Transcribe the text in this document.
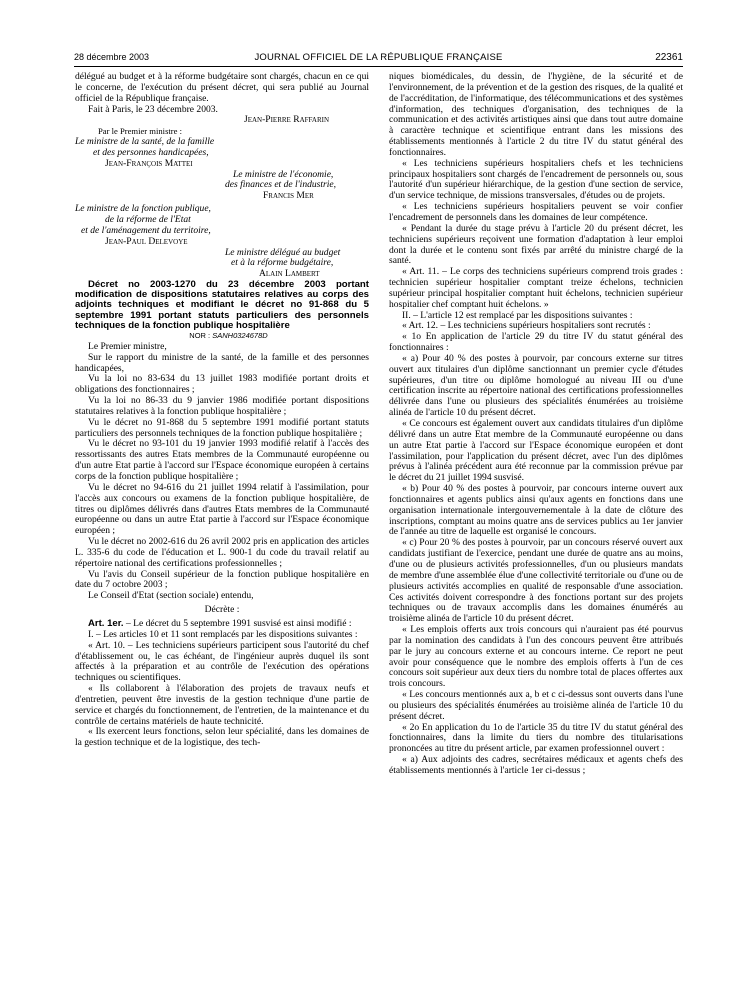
28 décembre 2003	JOURNAL OFFICIEL DE LA RÉPUBLIQUE FRANÇAISE	22361

délégué au budget et à la réforme budgétaire sont chargés, chacun en ce qui le concerne, de l'exécution du présent décret, qui sera publié au Journal officiel de la République française.

Fait à Paris, le 23 décembre 2003.

Jean-Pierre Raffarin

Par le Premier ministre :

Le ministre de la santé, de la famille

et des personnes handicapées,

Jean-François Mattei

Le ministre de l'économie,

des finances et de l'industrie,

Francis Mer

Le ministre de la fonction publique,

de la réforme de l'Etat

et de l'aménagement du territoire,

Jean-Paul Delevoye

Le ministre délégué au budget

et à la réforme budgétaire,

Alain Lambert

Décret no 2003-1270 du 23 décembre 2003 portant modification de dispositions statutaires relatives au corps des adjoints techniques et modifiant le décret no 91-868 du 5 septembre 1991 portant statuts particuliers des personnels techniques de la fonction publique hospitalière

NOR : SANH0324678D

Le Premier ministre,

Sur le rapport du ministre de la santé, de la famille et des personnes handicapées,

Vu la loi no 83-634 du 13 juillet 1983 modifiée portant droits et obligations des fonctionnaires ;

Vu la loi no 86-33 du 9 janvier 1986 modifiée portant dispositions statutaires relatives à la fonction publique hospitalière ;

Vu le décret no 91-868 du 5 septembre 1991 modifié portant statuts particuliers des personnels techniques de la fonction publique hospitalière ;

Vu le décret no 93-101 du 19 janvier 1993 modifié relatif à l'accès des ressortissants des autres Etats membres de la Communauté européenne ou d'un autre Etat partie à l'accord sur l'Espace économique européen à certains corps de la fonction publique hospitalière ;

Vu le décret no 94-616 du 21 juillet 1994 relatif à l'assimilation, pour l'accès aux concours ou examens de la fonction publique hospitalière, de titres ou diplômes délivrés dans d'autres Etats membres de la Communauté européenne ou dans un autre Etat partie à l'accord sur l'Espace économique européen ;

Vu le décret no 2002-616 du 26 avril 2002 pris en application des articles L. 335-6 du code de l'éducation et L. 900-1 du code du travail relatif au répertoire national des certifications professionnelles ;

Vu l'avis du Conseil supérieur de la fonction publique hospitalière en date du 7 octobre 2003 ;

Le Conseil d'Etat (section sociale) entendu,

Décrète :

Art. 1er. – Le décret du 5 septembre 1991 susvisé est ainsi modifié :

I. – Les articles 10 et 11 sont remplacés par les dispositions suivantes :

« Art. 10. – Les techniciens supérieurs participent sous l'autorité du chef d'établissement ou, le cas échéant, de l'ingénieur auprès duquel ils sont affectés à la préparation et au contrôle de l'exécution des opérations techniques ou scientifiques.

« Ils collaborent à l'élaboration des projets de travaux neufs et d'entretien, peuvent être investis de la gestion technique d'une partie de service et chargés du fonctionnement, de l'entretien, de la maintenance et du contrôle de certains matériels de haute technicité.

« Ils exercent leurs fonctions, selon leur spécialité, dans les domaines de la gestion technique et de la logistique, des tech-

niques biomédicales, du dessin, de l'hygiène, de la sécurité et de l'environnement, de la prévention et de la gestion des risques, de la qualité et de l'accréditation, de l'informatique, des télécommunications et des systèmes d'information, des techniques d'organisation, des techniques de la communication et des activités artistiques ainsi que dans tout autre domaine à caractère technique et scientifique entrant dans les missions des établissements mentionnés à l'article 2 du titre IV du statut général des fonctionnaires.

« Les techniciens supérieurs hospitaliers chefs et les techniciens principaux hospitaliers sont chargés de l'encadrement de personnels ou, sous l'autorité d'un supérieur hiérarchique, de la gestion d'une section de service, d'un service technique, de missions transversales, d'études ou de projets.

« Les techniciens supérieurs hospitaliers peuvent se voir confier l'encadrement de personnels dans les domaines de leur compétence.

« Pendant la durée du stage prévu à l'article 20 du présent décret, les techniciens supérieurs reçoivent une formation d'adaptation à leur emploi dont la durée et le contenu sont fixés par arrêté du ministre chargé de la santé.

« Art. 11. – Le corps des techniciens supérieurs comprend trois grades : technicien supérieur hospitalier comptant treize échelons, technicien supérieur principal hospitalier comptant huit échelons, technicien supérieur hospitalier chef comptant huit échelons. »

II. – L'article 12 est remplacé par les dispositions suivantes :

« Art. 12. – Les techniciens supérieurs hospitaliers sont recrutés :

« 1o En application de l'article 29 du titre IV du statut général des fonctionnaires :

« a) Pour 40 % des postes à pourvoir, par concours externe sur titres ouvert aux titulaires d'un diplôme sanctionnant un premier cycle d'études supérieures, d'un titre ou diplôme homologué au niveau III ou d'une certification inscrite au répertoire national des certifications professionnelles délivrée dans l'une ou plusieurs des spécialités énumérées au troisième alinéa de l'article 10 du présent décret.

« Ce concours est également ouvert aux candidats titulaires d'un diplôme délivré dans un autre Etat membre de la Communauté européenne ou dans un autre Etat partie à l'accord sur l'Espace économique européen et dont l'assimilation, pour l'application du présent décret, avec l'un des diplômes prévus à l'alinéa précédent aura été reconnue par la commission prévue par le décret du 21 juillet 1994 susvisé.

« b) Pour 40 % des postes à pourvoir, par concours interne ouvert aux fonctionnaires et agents publics ainsi qu'aux agents en fonctions dans une organisation internationale intergouvernementale à la date de clôture des inscriptions, comptant au moins quatre ans de services publics au 1er janvier de l'année au titre de laquelle est organisé le concours.

« c) Pour 20 % des postes à pourvoir, par un concours réservé ouvert aux candidats justifiant de l'exercice, pendant une durée de quatre ans au moins, d'une ou de plusieurs activités professionnelles, d'un ou plusieurs mandats de membre d'une assemblée élue d'une collectivité territoriale ou d'une ou de plusieurs activités accomplies en qualité de responsable d'une association. Ces activités doivent correspondre à des fonctions portant sur des projets techniques ou de travaux accomplis dans les domaines énumérés au troisième alinéa de l'article 10 du présent décret.

« Les emplois offerts aux trois concours qui n'auraient pas été pourvus par la nomination des candidats à l'un des concours peuvent être attribués par le jury au concours externe et au concours interne. Ce report ne peut avoir pour conséquence que le nombre des emplois offerts à l'un de ces concours soit supérieur aux deux tiers du nombre total de places offertes aux trois concours.

« Les concours mentionnés aux a, b et c ci-dessus sont ouverts dans l'une ou plusieurs des spécialités énumérées au troisième alinéa de l'article 10 du présent décret.

« 2o En application du 1o de l'article 35 du titre IV du statut général des fonctionnaires, dans la limite du tiers du nombre des titularisations prononcées au titre du présent article, par examen professionnel ouvert :

« a) Aux adjoints des cadres, secrétaires médicaux et agents chefs des établissements mentionnés à l'article 1er ci-dessus ;
